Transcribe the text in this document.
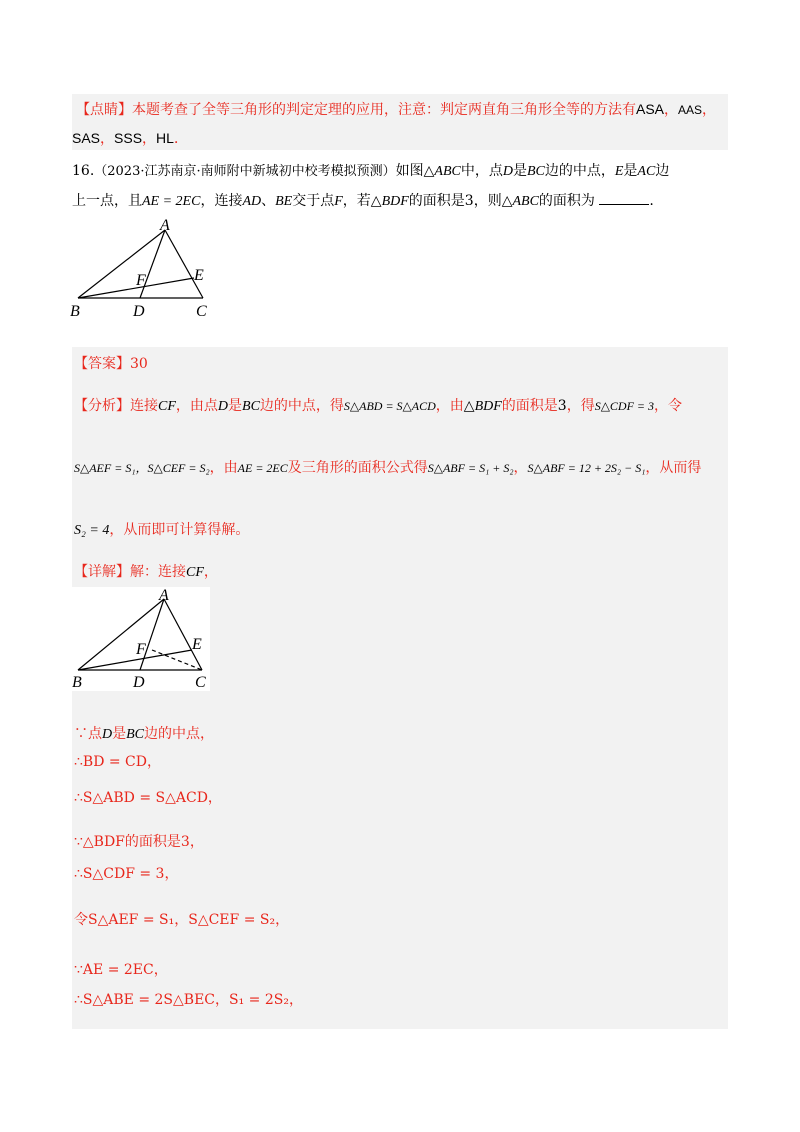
【点睛】本题考查了全等三角形的判定定理的应用，注意：判定两直角三角形全等的方法有ASA，AAS，
SAS，SSS，HL．
16.（2023·江苏南京·南师附中新城初中校考模拟预测）如图△ABC中，点D是BC边的中点，E是AC边
上一点，且AE = 2EC，连接AD、BE交于点F，若△BDF的面积是3，则△ABC的面积为	.
A
B	C
D
E
F
【答案】30
【分析】连接CF，由点D是BC边的中点，得S△ABD = S△ACD，由△BDF的面积是3，得S△CDF = 3，令
S△AEF = S₁，S△CEF = S₂，由AE = 2EC及三角形的面积公式得S△ABF = S₁ + S₂，S△ABF = 12 + 2S₂ − S₁，从而得
S₂ = 4，从而即可计算得解。
【详解】解：连接CF，
A
B	C
D
E
F
∵点D是BC边的中点，
∴BD = CD，
∴S△ABD = S△ACD，
∵△BDF的面积是3，
∴S△CDF = 3，
令S△AEF = S₁，S△CEF = S₂，
∵AE = 2EC，
∴S△ABE = 2S△BEC，S₁ = 2S₂，
